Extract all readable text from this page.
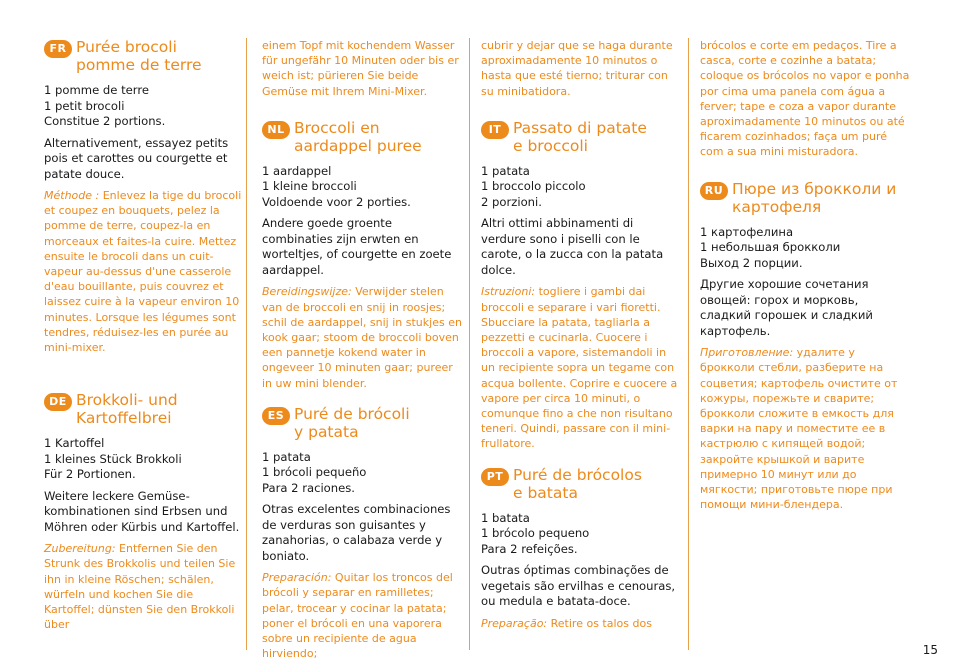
FR Purée brocoli
pomme de terre
1 pomme de terre
1 petit brocoli
Constitue 2 portions.
Alternativement, essayez petits pois et carottes ou courgette et patate douce.
Méthode : Enlevez la tige du brocoli et coupez en bouquets, pelez la pomme de terre, coupez-la en morceaux et faites-la cuire. Mettez ensuite le brocoli dans un cuit-vapeur au-dessus d'une casserole d'eau bouillante, puis couvrez et laissez cuire à la vapeur environ 10 minutes. Lorsque les légumes sont tendres, réduisez-les en purée au mini-mixer.
DE Brokkoli- und
Kartoffelbrei
1 Kartoffel
1 kleines Stück Brokkoli
Für 2 Portionen.
Weitere leckere Gemüse-kombinationen sind Erbsen und Möhren oder Kürbis und Kartoffel.
Zubereitung: Entfernen Sie den Strunk des Brokkolis und teilen Sie ihn in kleine Röschen; schälen, würfeln und kochen Sie die Kartoffel; dünsten Sie den Brokkoli über
einem Topf mit kochendem Wasser für ungefähr 10 Minuten oder bis er weich ist; pürieren Sie beide Gemüse mit Ihrem Mini-Mixer.
NL Broccoli en
aardappel puree
1 aardappel
1 kleine broccoli
Voldoende voor 2 porties.
Andere goede groente combinaties zijn erwten en worteltjes, of courgette en zoete aardappel.
Bereidingswijze: Verwijder stelen van de broccoli en snij in roosjes; schil de aardappel, snij in stukjes en kook gaar; stoom de broccoli boven een pannetje kokend water in ongeveer 10 minuten gaar; pureer in uw mini blender.
ES Puré de brócoli
y patata
1 patata
1 brócoli pequeño
Para 2 raciones.
Otras excelentes combinaciones de verduras son guisantes y zanahorias, o calabaza verde y boniato.
Preparación: Quitar los troncos del brócoli y separar en ramilletes; pelar, trocear y cocinar la patata; poner el brócoli en una vaporera sobre un recipiente de agua hirviendo;
cubrir y dejar que se haga durante aproximadamente 10 minutos o hasta que esté tierno; triturar con su minibatidora.
IT Passato di patate
e broccoli
1 patata
1 broccolo piccolo
2 porzioni.
Altri ottimi abbinamenti di verdure sono i piselli con le carote, o la zucca con la patata dolce.
Istruzioni: togliere i gambi dai broccoli e separare i vari fioretti. Sbucciare la patata, tagliarla a pezzetti e cucinarla. Cuocere i broccoli a vapore, sistemandoli in un recipiente sopra un tegame con acqua bollente. Coprire e cuocere a vapore per circa 10 minuti, o comunque fino a che non risultano teneri. Quindi, passare con il mini-frullatore.
PT Puré de brócolos
e batata
1 batata
1 brócolo pequeno
Para 2 refeições.
Outras óptimas combinações de vegetais são ervilhas e cenouras, ou medula e batata-doce.
Preparação: Retire os talos dos
brócolos e corte em pedaços. Tire a casca, corte e cozinhe a batata; coloque os brócolos no vapor e ponha por cima uma panela com água a ferver; tape e coza a vapor durante aproximadamente 10 minutos ou até ficarem cozinhados; faça um puré com a sua mini misturadora.
RU Пюре из брокколи и
картофеля
1 картофелина
1 небольшая брокколи
Выход 2 порции.
Другие хорошие сочетания овощей: горох и морковь, сладкий горошек и сладкий картофель.
Приготовление: удалите у брокколи стебли, разберите на соцветия; картофель очистите от кожуры, порежьте и сварите; брокколи сложите в емкость для варки на пару и поместите ее в кастрюлю с кипящей водой; закройте крышкой и варите примерно 10 минут или до мягкости; приготовьте пюре при помощи мини-блендера.
15
